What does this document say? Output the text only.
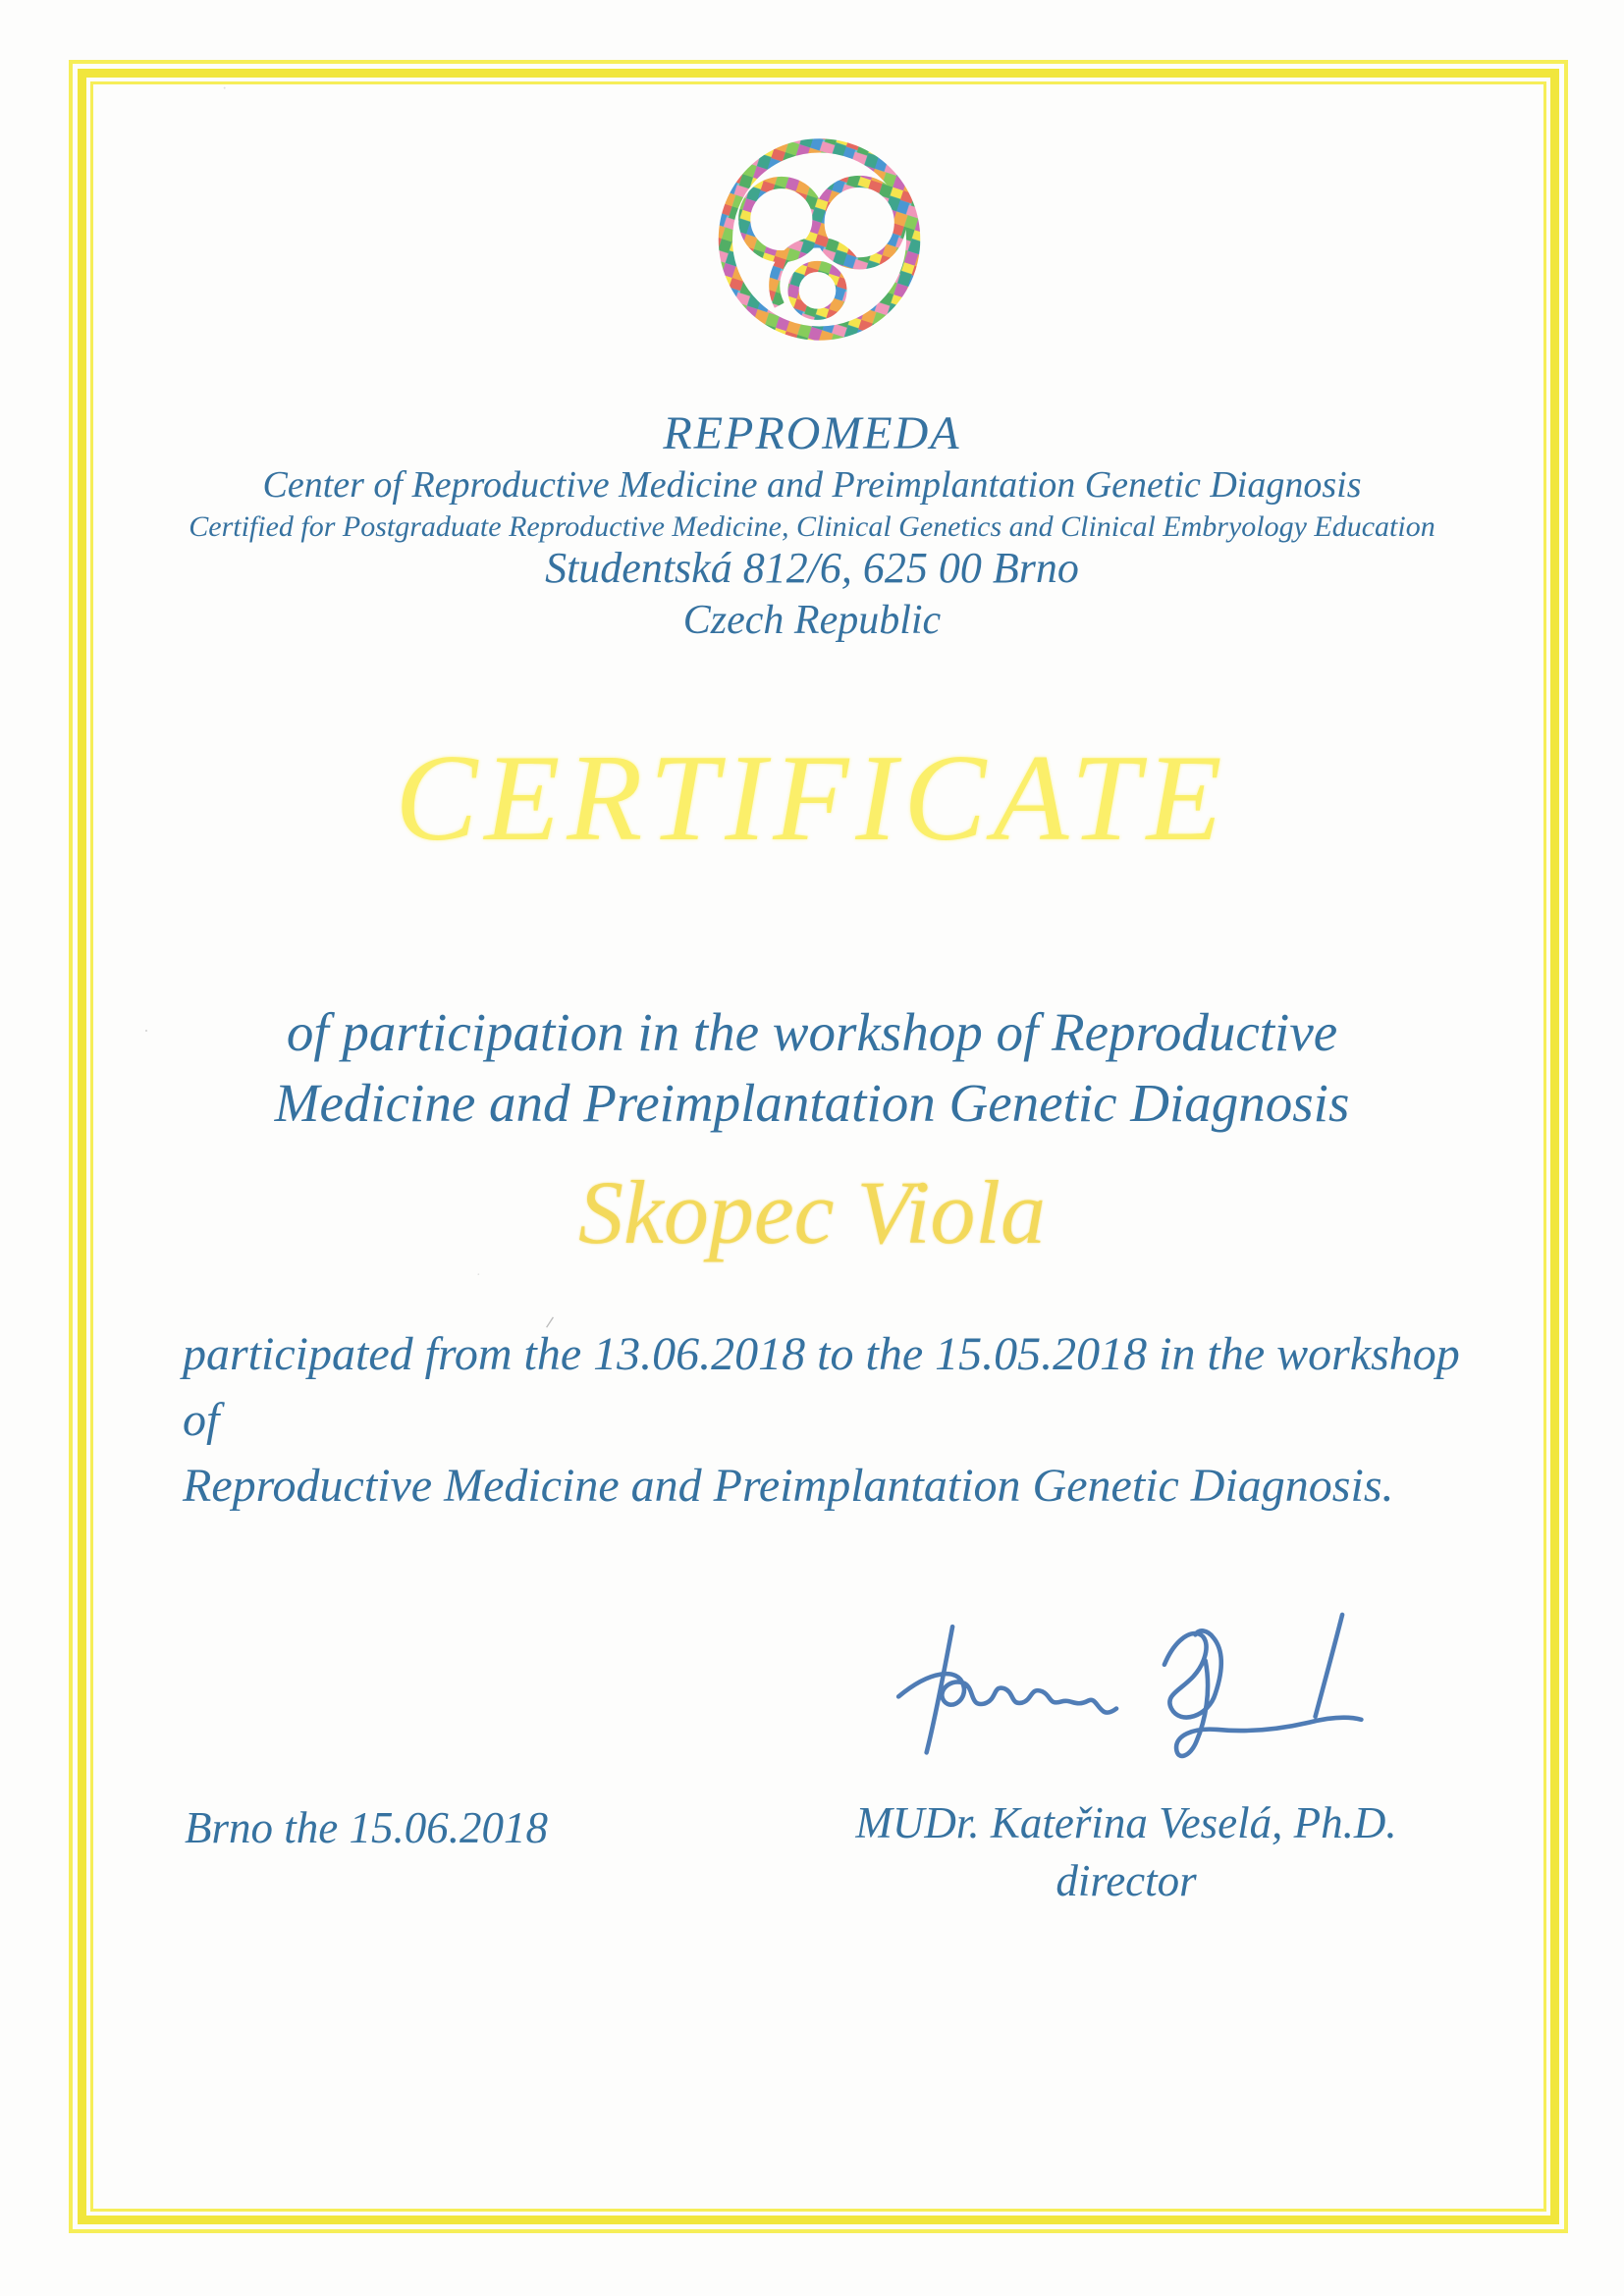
REPROMEDA
Center of Reproductive Medicine and Preimplantation Genetic Diagnosis
Certified for Postgraduate Reproductive Medicine, Clinical Genetics and Clinical Embryology Education
Studentská 812/6, 625 00 Brno
Czech Republic
CERTIFICATE
of participation in the workshop of Reproductive
Medicine and Preimplantation Genetic Diagnosis
Skopec Viola
participated from the 13.06.2018 to the 15.05.2018 in the workshop of
Reproductive Medicine and Preimplantation Genetic Diagnosis.
Brno the 15.06.2018	MUDr. Kateřina Veselá, Ph.D.
director
⸝
·
·
·
